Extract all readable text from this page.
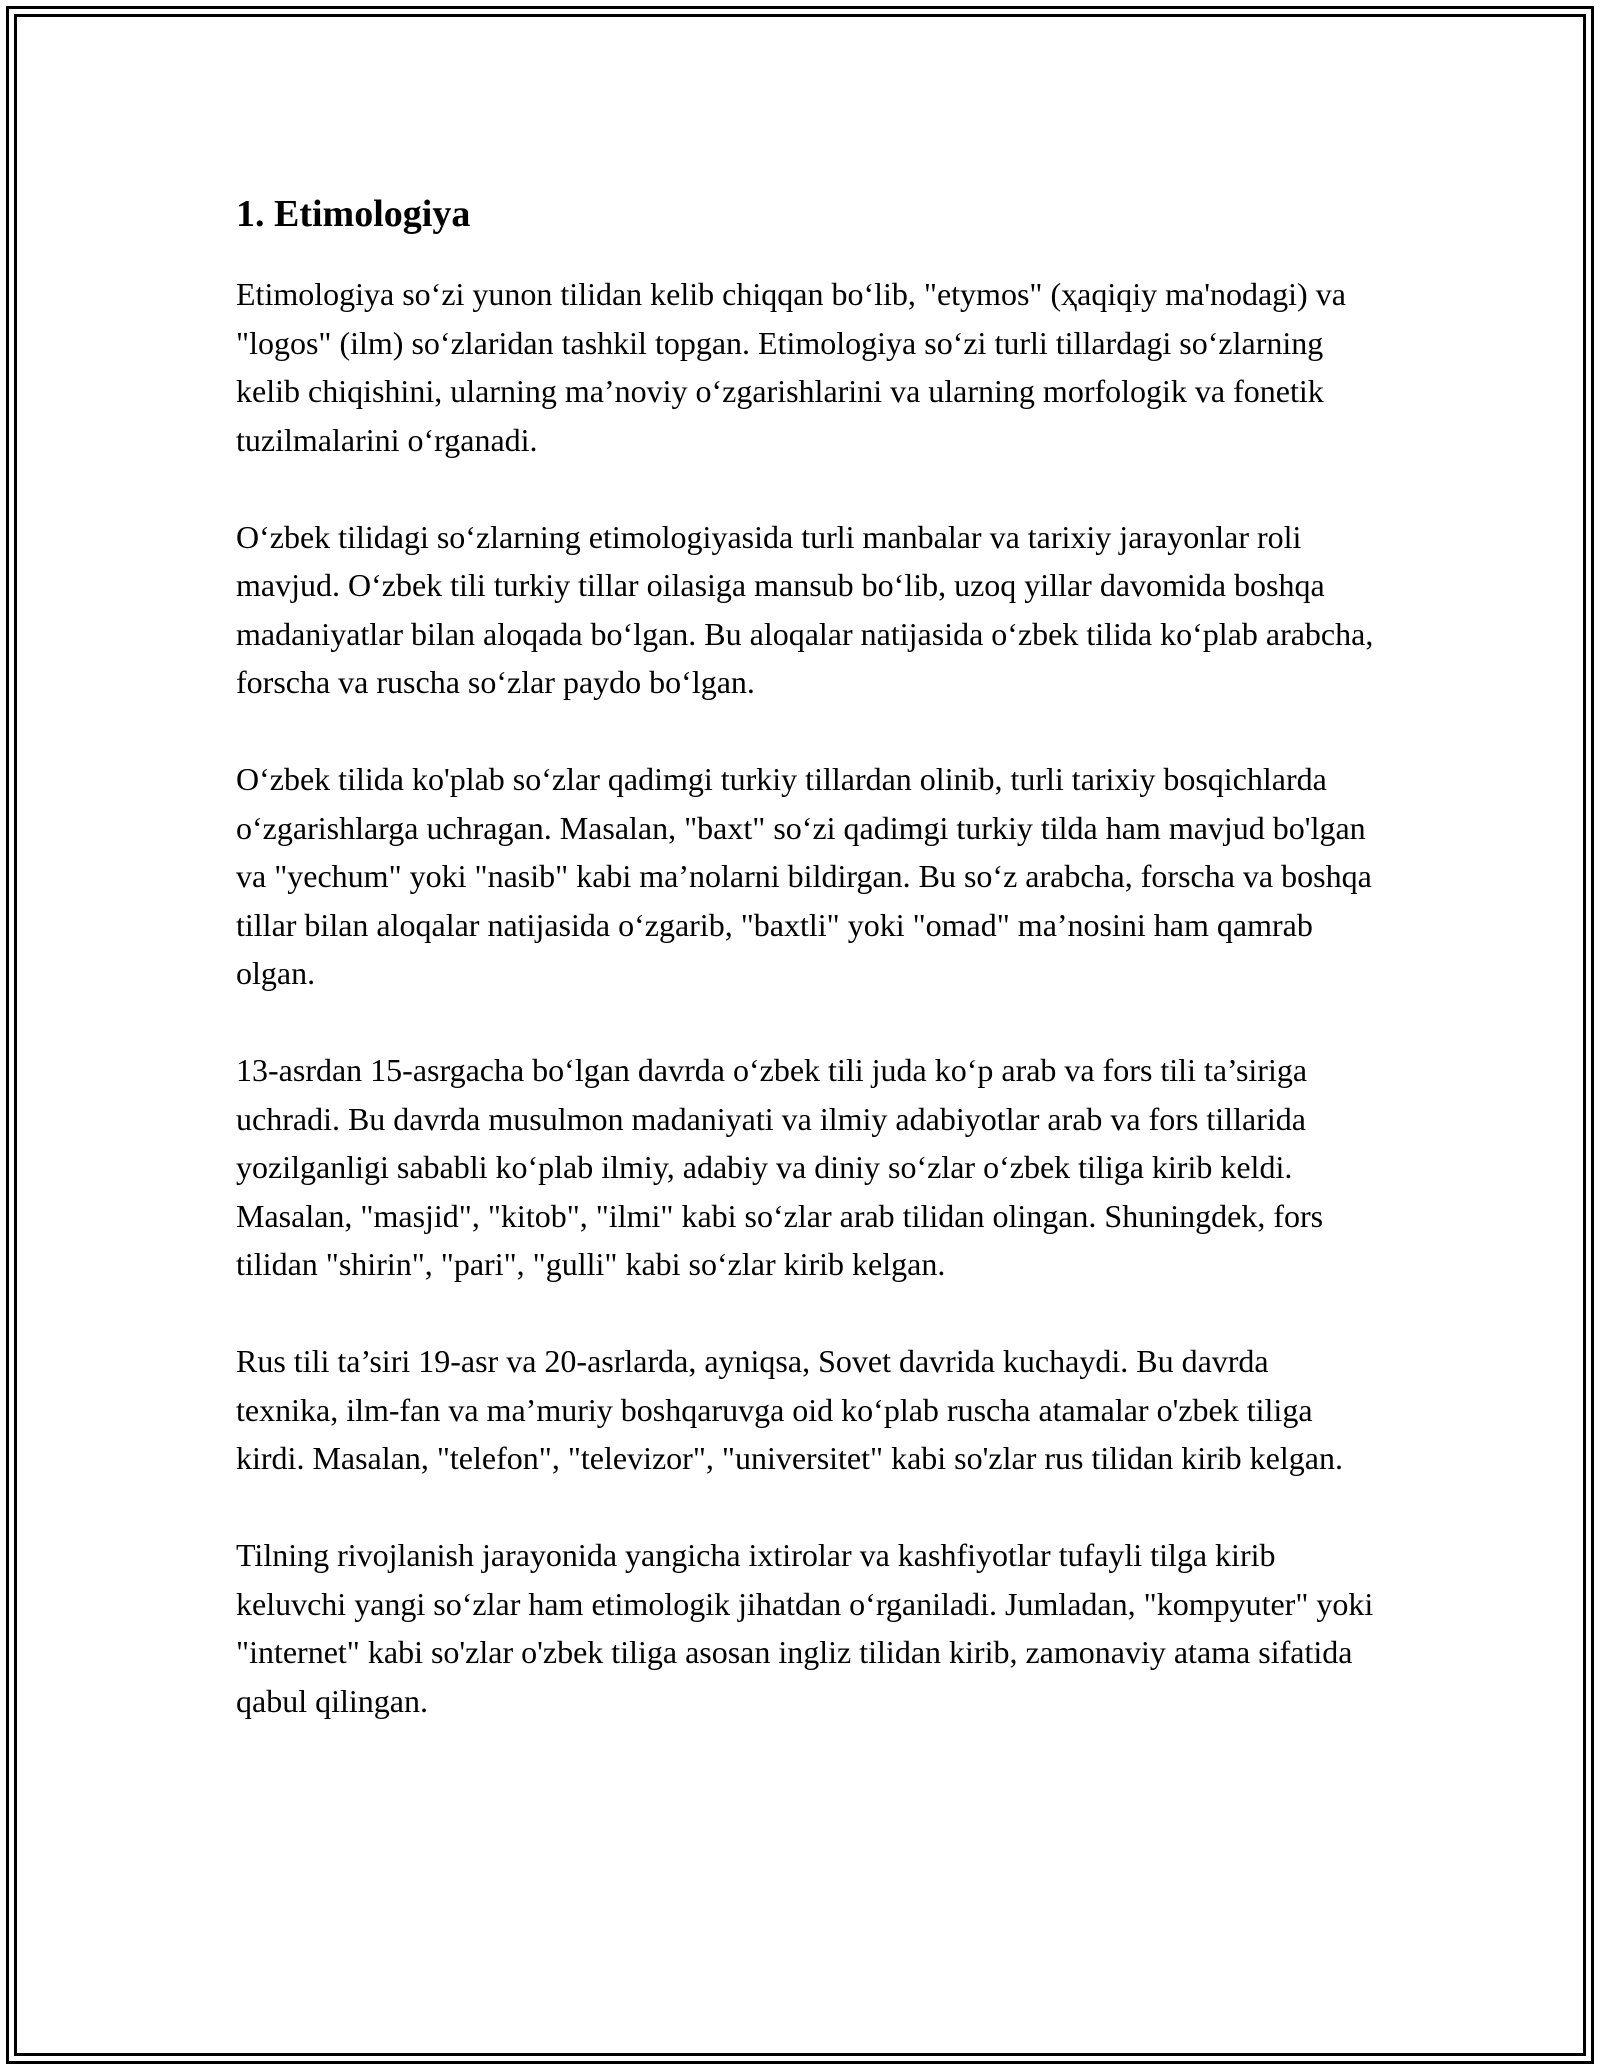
1. Etimologiya

Etimologiya so‘zi yunon tilidan kelib chiqqan bo‘lib, "etymos" (ҳaqiqiy ma'nodagi) va "logos" (ilm) so‘zlaridan tashkil topgan. Etimologiya so‘zi turli tillardagi so‘zlarning kelib chiqishini, ularning ma’noviy o‘zgarishlarini va ularning morfologik va fonetik tuzilmalarini o‘rganadi.

O‘zbek tilidagi so‘zlarning etimologiyasida turli manbalar va tarixiy jarayonlar roli mavjud. O‘zbek tili turkiy tillar oilasiga mansub bo‘lib, uzoq yillar davomida boshqa madaniyatlar bilan aloqada bo‘lgan. Bu aloqalar natijasida o‘zbek tilida ko‘plab arabcha, forscha va ruscha so‘zlar paydo bo‘lgan.

O‘zbek tilida ko'plab so‘zlar qadimgi turkiy tillardan olinib, turli tarixiy bosqichlarda o‘zgarishlarga uchragan. Masalan, "baxt" so‘zi qadimgi turkiy tilda ham mavjud bo'lgan va "yechum" yoki "nasib" kabi ma’nolarni bildirgan. Bu so‘z arabcha, forscha va boshqa tillar bilan aloqalar natijasida o‘zgarib, "baxtli" yoki "omad" ma’nosini ham qamrab olgan.

13-asrdan 15-asrgacha bo‘lgan davrda o‘zbek tili juda ko‘p arab va fors tili ta’siriga uchradi. Bu davrda musulmon madaniyati va ilmiy adabiyotlar arab va fors tillarida yozilganligi sababli ko‘plab ilmiy, adabiy va diniy so‘zlar o‘zbek tiliga kirib keldi. Masalan, "masjid", "kitob", "ilmi" kabi so‘zlar arab tilidan olingan. Shuningdek, fors tilidan "shirin", "pari", "gulli" kabi so‘zlar kirib kelgan.

Rus tili ta’siri 19-asr va 20-asrlarda, ayniqsa, Sovet davrida kuchaydi. Bu davrda texnika, ilm-fan va ma’muriy boshqaruvga oid ko‘plab ruscha atamalar o'zbek tiliga kirdi. Masalan, "telefon", "televizor", "universitet" kabi so'zlar rus tilidan kirib kelgan.

Tilning rivojlanish jarayonida yangicha ixtirolar va kashfiyotlar tufayli tilga kirib keluvchi yangi so‘zlar ham etimologik jihatdan o‘rganiladi. Jumladan, "kompyuter" yoki "internet" kabi so'zlar o'zbek tiliga asosan ingliz tilidan kirib, zamonaviy atama sifatida qabul qilingan.
